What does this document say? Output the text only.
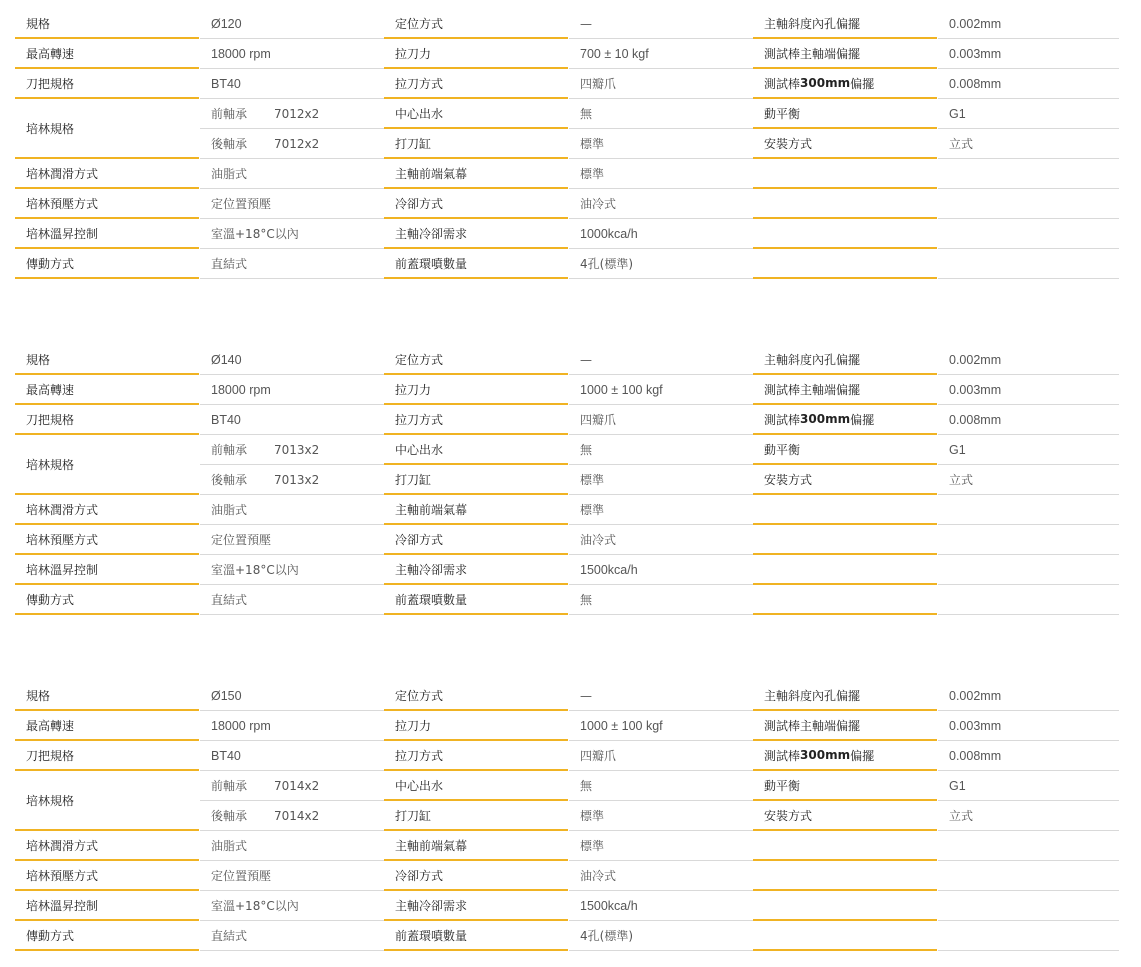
規格	Ø120	定位方式	—	主軸斜度內孔偏擺	0.002mm
最高轉速	18000 rpm	拉刀力	700 ± 10 kgf	測試棒主軸端偏擺	0.003mm
刀把規格	BT40	拉刀方式	四瓣爪	測試棒 300mm 偏擺	0.008mm
培林規格
前軸承	7012x2	中心出水	無	動平衡	G1
後軸承	7012x2	打刀缸	標準	安裝方式	立式
培林潤滑方式	油脂式	主軸前端氣幕	標準
培林預壓方式	定位置預壓	冷卻方式	油冷式
培林溫昇控制	室溫+18°C以內	主軸冷卻需求	1000kca/h
傳動方式	直結式	前蓋環噴數量	4孔(標準)
規格	Ø140	定位方式	—	主軸斜度內孔偏擺	0.002mm
最高轉速	18000 rpm	拉刀力	1000 ± 100 kgf	測試棒主軸端偏擺	0.003mm
刀把規格	BT40	拉刀方式	四瓣爪	測試棒 300mm 偏擺	0.008mm
培林規格
前軸承	7013x2	中心出水	無	動平衡	G1
後軸承	7013x2	打刀缸	標準	安裝方式	立式
培林潤滑方式	油脂式	主軸前端氣幕	標準
培林預壓方式	定位置預壓	冷卻方式	油冷式
培林溫昇控制	室溫+18°C以內	主軸冷卻需求	1500kca/h
傳動方式	直結式	前蓋環噴數量	無
規格	Ø150	定位方式	—	主軸斜度內孔偏擺	0.002mm
最高轉速	18000 rpm	拉刀力	1000 ± 100 kgf	測試棒主軸端偏擺	0.003mm
刀把規格	BT40	拉刀方式	四瓣爪	測試棒 300mm 偏擺	0.008mm
培林規格
前軸承	7014x2	中心出水	無	動平衡	G1
後軸承	7014x2	打刀缸	標準	安裝方式	立式
培林潤滑方式	油脂式	主軸前端氣幕	標準
培林預壓方式	定位置預壓	冷卻方式	油冷式
培林溫昇控制	室溫+18°C以內	主軸冷卻需求	1500kca/h
傳動方式	直結式	前蓋環噴數量	4孔(標準)
